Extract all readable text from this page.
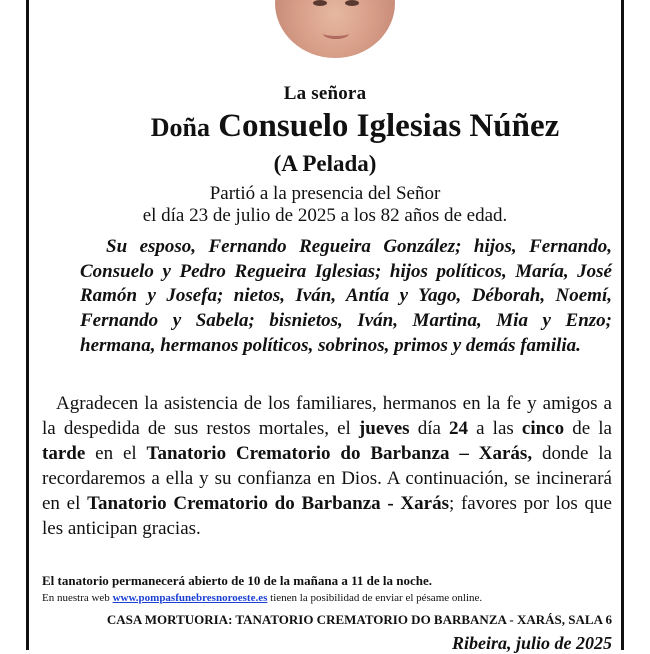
La señora
Doña Consuelo Iglesias Núñez
(A Pelada)
Partió a la presencia del Señor
el día 23 de julio de 2025 a los 82 años de edad.
Su esposo, Fernando Regueira González; hijos, Fernando, Consuelo y Pedro Regueira Iglesias; hijos políticos, María, José Ramón y Josefa; nietos, Iván, Antía y Yago, Déborah, Noemí, Fernando y Sabela; bisnietos, Iván, Martina, Mia y Enzo; hermana, hermanos políticos, sobrinos, primos y demás familia.
Agradecen la asistencia de los familiares, hermanos en la fe y amigos a la despedida de sus restos mortales, el jueves día 24 a las cinco de la tarde en el Tanatorio Crematorio do Barbanza – Xarás, donde la recordaremos a ella y su confianza en Dios. A continuación, se incinerará en el Tanatorio Crematorio do Barbanza - Xarás; favores por los que les anticipan gracias.
El tanatorio permanecerá abierto de 10 de la mañana a 11 de la noche.
En nuestra web www.pompasfunebresnoroeste.es tienen la posibilidad de enviar el pésame online.
CASA MORTUORIA: TANATORIO CREMATORIO DO BARBANZA - XARÁS, SALA 6
Ribeira, julio de 2025
